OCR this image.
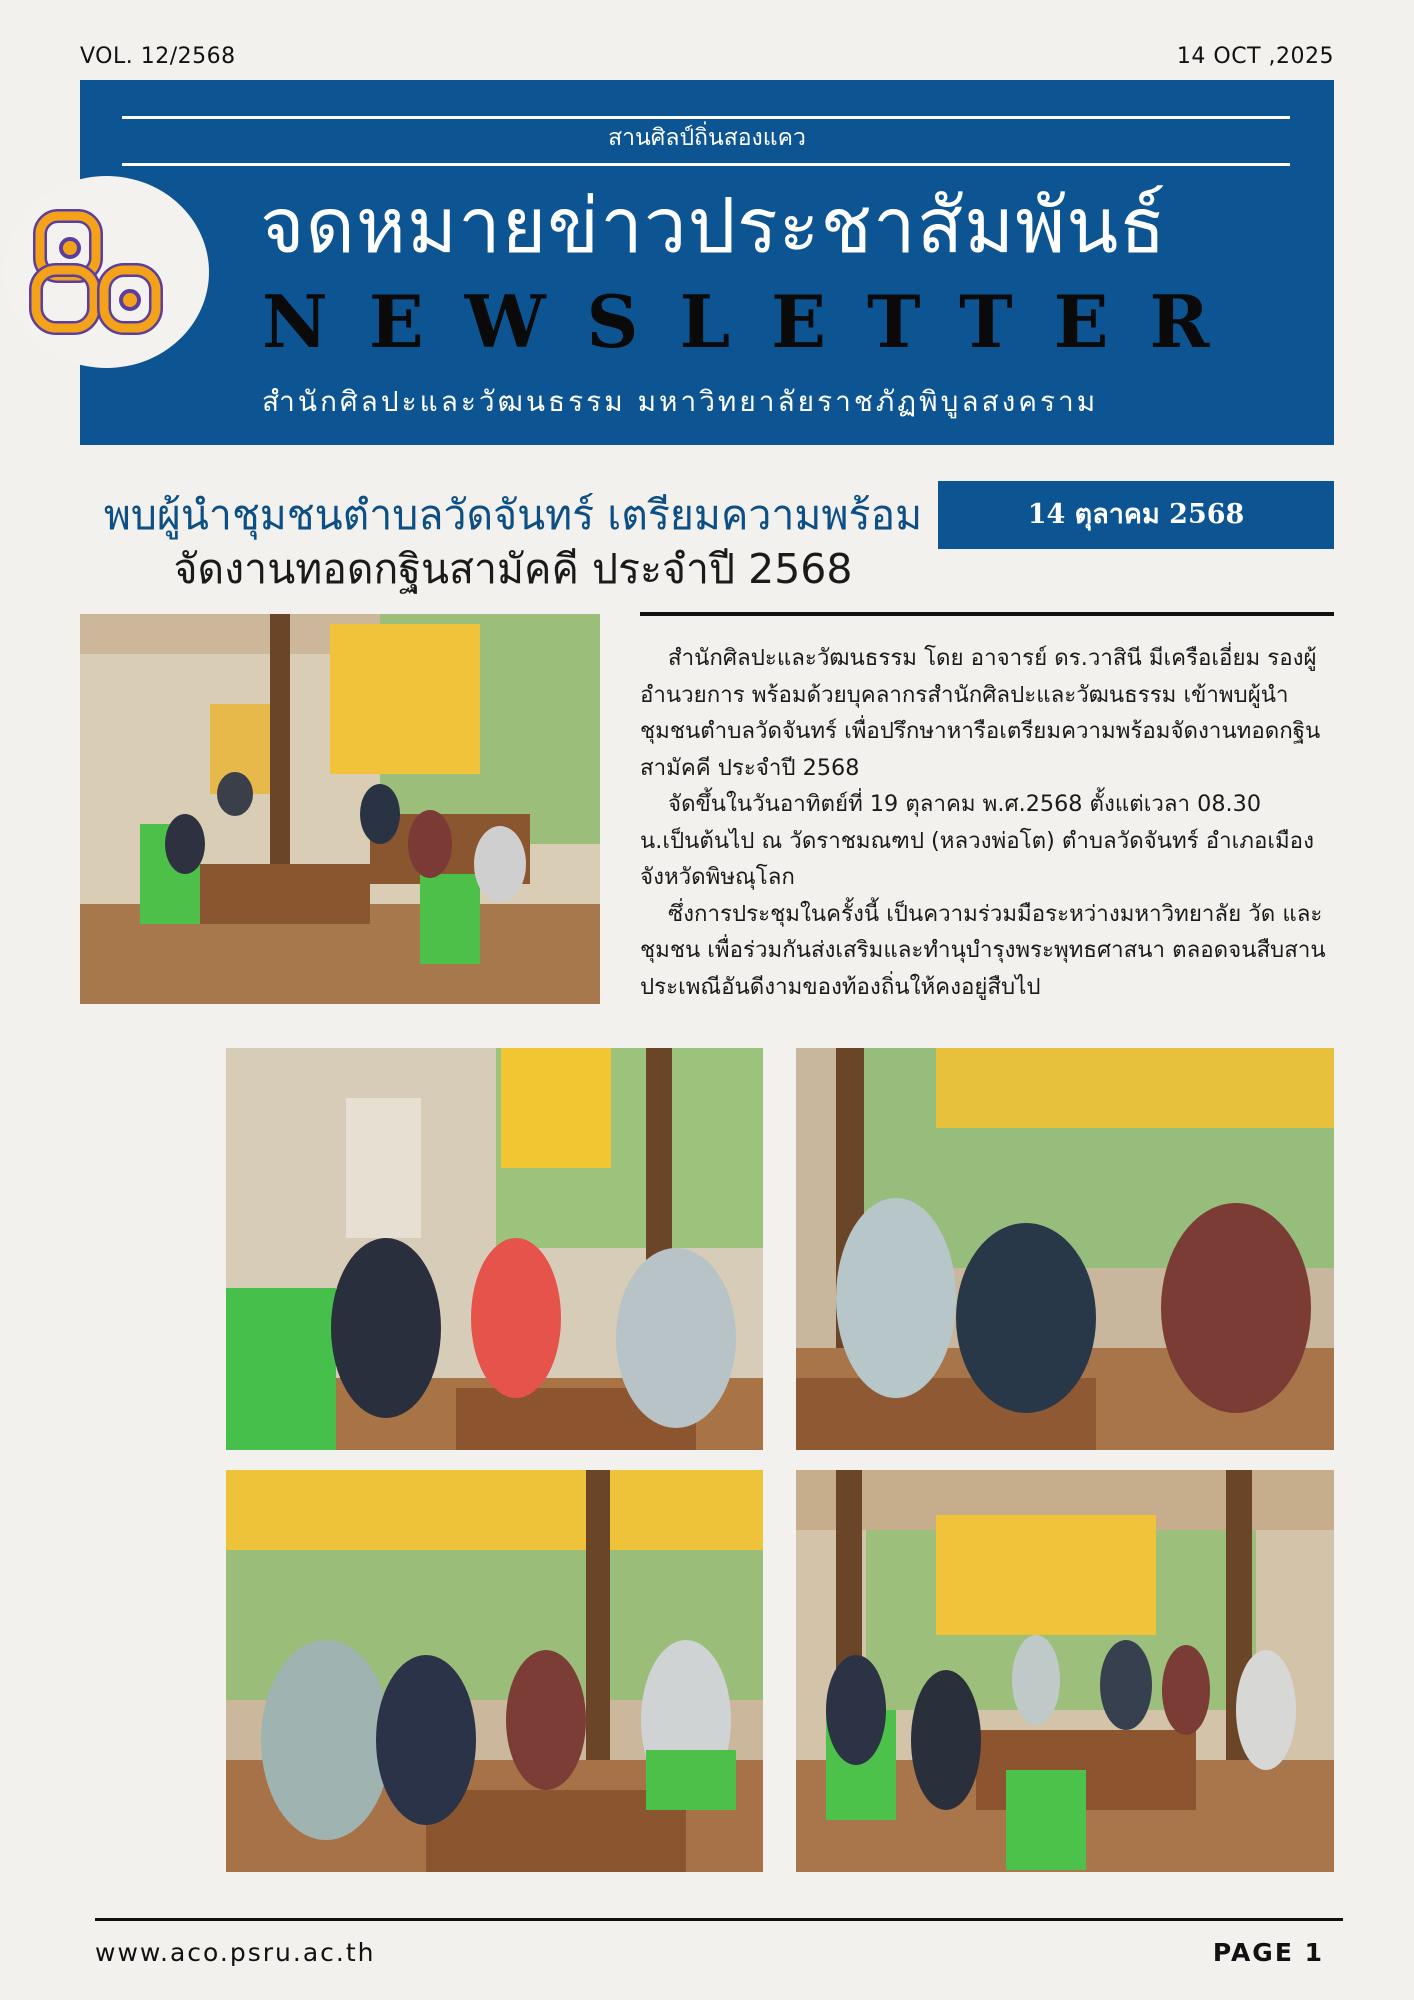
VOL. 12/2568	14 OCT ,2025
สานศิลป์ถิ่นสองแคว
จดหมายข่าวประชาสัมพันธ์
NEWSLETTER
สำนักศิลปะและวัฒนธรรม มหาวิทยาลัยราชภัฏพิบูลสงคราม
พบผู้นำชุมชนตำบลวัดจันทร์ เตรียมความพร้อม
จัดงานทอดกฐินสามัคคี ประจำปี 2568
14 ตุลาคม 2568

สำนักศิลปะและวัฒนธรรม โดย อาจารย์ ดร.วาสินี มีเครือเอี่ยม รองผู้อำนวยการ พร้อมด้วยบุคลากรสำนักศิลปะและวัฒนธรรม เข้าพบผู้นำชุมชนตำบลวัดจันทร์ เพื่อปรึกษาหารือเตรียมความพร้อมจัดงานทอดกฐินสามัคคี ประจำปี 2568

จัดขึ้นในวันอาทิตย์ที่ 19 ตุลาคม พ.ศ.2568 ตั้งแต่เวลา 08.30 น.เป็นต้นไป ณ วัดราชมณฑป (หลวงพ่อโต) ตำบลวัดจันทร์ อำเภอเมือง จังหวัดพิษณุโลก

ซึ่งการประชุมในครั้งนี้ เป็นความร่วมมือระหว่างมหาวิทยาลัย วัด และชุมชน เพื่อร่วมกันส่งเสริมและทำนุบำรุงพระพุทธศาสนา ตลอดจนสืบสานประเพณีอันดีงามของท้องถิ่นให้คงอยู่สืบไป

www.aco.psru.ac.th	PAGE 1
